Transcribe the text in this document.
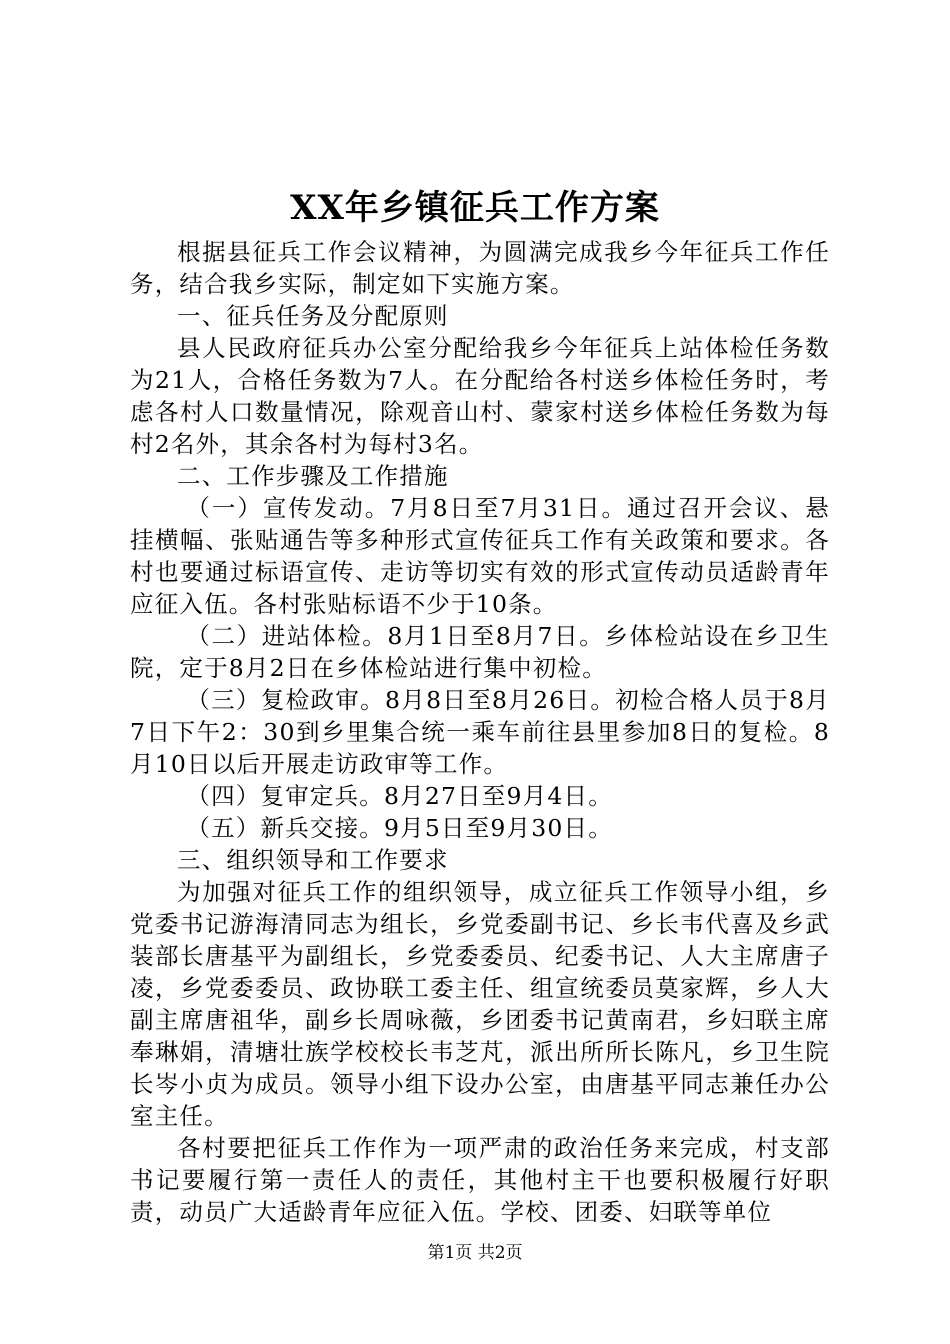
XX年乡镇征兵工作方案

根据县征兵工作会议精神，为圆满完成我乡今年征兵工作任务，结合我乡实际，制定如下实施方案。

一、征兵任务及分配原则

县人民政府征兵办公室分配给我乡今年征兵上站体检任务数为21人，合格任务数为7人。在分配给各村送乡体检任务时，考虑各村人口数量情况，除观音山村、蒙家村送乡体检任务数为每村2名外，其余各村为每村3名。

二、工作步骤及工作措施

（一）宣传发动。7月8日至7月31日。通过召开会议、悬挂横幅、张贴通告等多种形式宣传征兵工作有关政策和要求。各村也要通过标语宣传、走访等切实有效的形式宣传动员适龄青年应征入伍。各村张贴标语不少于10条。

（二）进站体检。8月1日至8月7日。乡体检站设在乡卫生院，定于8月2日在乡体检站进行集中初检。

（三）复检政审。8月8日至8月26日。初检合格人员于8月7日下午2：30到乡里集合统一乘车前往县里参加8日的复检。8月10日以后开展走访政审等工作。

（四）复审定兵。8月27日至9月4日。

（五）新兵交接。9月5日至9月30日。

三、组织领导和工作要求

为加强对征兵工作的组织领导，成立征兵工作领导小组，乡党委书记游海清同志为组长，乡党委副书记、乡长韦代喜及乡武装部长唐基平为副组长，乡党委委员、纪委书记、人大主席唐子凌，乡党委委员、政协联工委主任、组宣统委员莫家辉，乡人大副主席唐祖华，副乡长周咏薇，乡团委书记黄南君，乡妇联主席奉琳娟，清塘壮族学校校长韦芝芃，派出所所长陈凡，乡卫生院长岑小贞为成员。领导小组下设办公室，由唐基平同志兼任办公室主任。

各村要把征兵工作作为一项严肃的政治任务来完成，村支部书记要履行第一责任人的责任，其他村主干也要积极履行好职责，动员广大适龄青年应征入伍。学校、团委、妇联等单位

第1页 共2页
